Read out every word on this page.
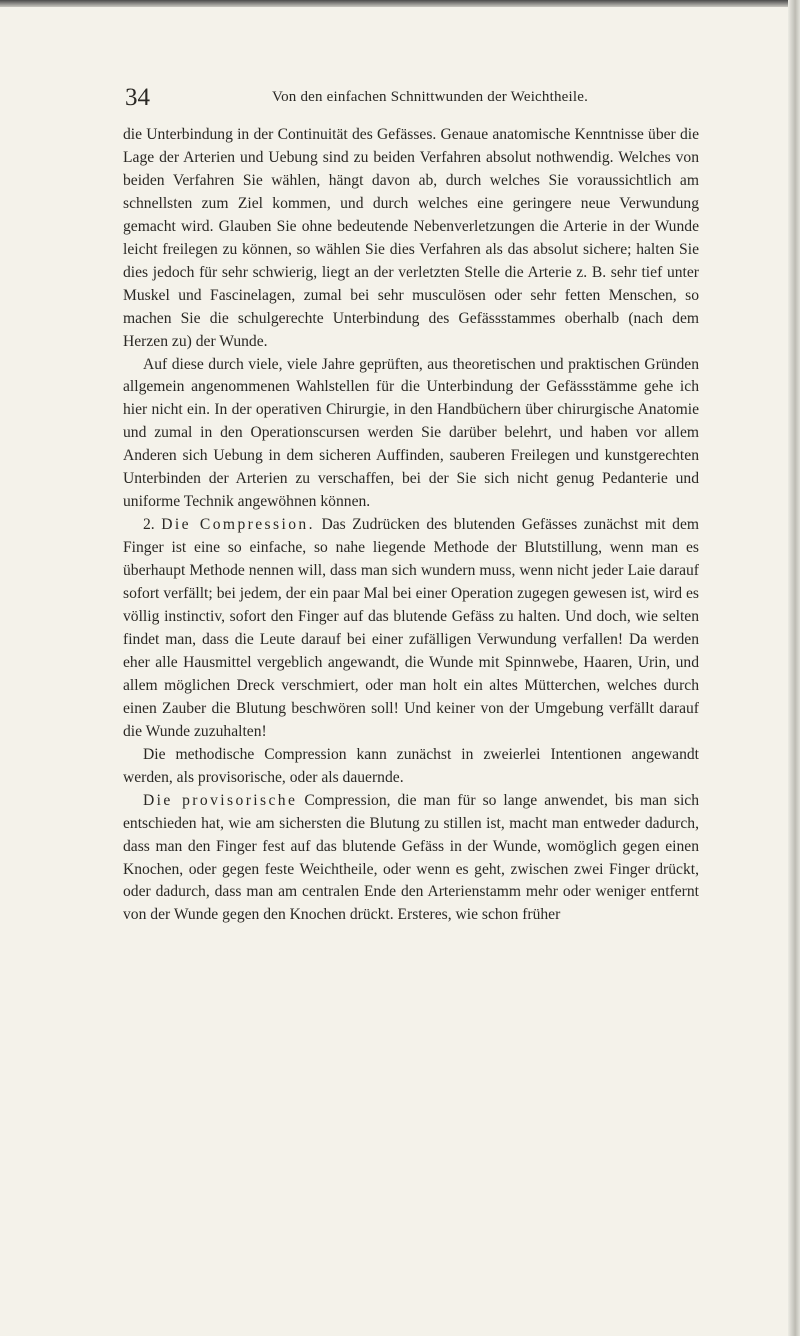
34	Von den einfachen Schnittwunden der Weichtheile.

die Unterbindung in der Continuität des Gefässes. Genaue anatomische Kenntnisse über die Lage der Arterien und Uebung sind zu beiden Verfahren absolut nothwendig. Welches von beiden Verfahren Sie wählen, hängt davon ab, durch welches Sie voraussichtlich am schnellsten zum Ziel kommen, und durch welches eine geringere neue Verwundung gemacht wird. Glauben Sie ohne bedeutende Nebenverletzungen die Arterie in der Wunde leicht freilegen zu können, so wählen Sie dies Verfahren als das absolut sichere; halten Sie dies jedoch für sehr schwierig, liegt an der verletzten Stelle die Arterie z. B. sehr tief unter Muskel und Fascinelagen, zumal bei sehr musculösen oder sehr fetten Menschen, so machen Sie die schulgerechte Unterbindung des Gefässstammes oberhalb (nach dem Herzen zu) der Wunde.

Auf diese durch viele, viele Jahre geprüften, aus theoretischen und praktischen Gründen allgemein angenommenen Wahlstellen für die Unterbindung der Gefässstämme gehe ich hier nicht ein. In der operativen Chirurgie, in den Handbüchern über chirurgische Anatomie und zumal in den Operationscursen werden Sie darüber belehrt, und haben vor allem Anderen sich Uebung in dem sicheren Auffinden, sauberen Freilegen und kunstgerechten Unterbinden der Arterien zu verschaffen, bei der Sie sich nicht genug Pedanterie und uniforme Technik angewöhnen können.

2. Die Compression. Das Zudrücken des blutenden Gefässes zunächst mit dem Finger ist eine so einfache, so nahe liegende Methode der Blutstillung, wenn man es überhaupt Methode nennen will, dass man sich wundern muss, wenn nicht jeder Laie darauf sofort verfällt; bei jedem, der ein paar Mal bei einer Operation zugegen gewesen ist, wird es völlig instinctiv, sofort den Finger auf das blutende Gefäss zu halten. Und doch, wie selten findet man, dass die Leute darauf bei einer zufälligen Verwundung verfallen! Da werden eher alle Hausmittel vergeblich angewandt, die Wunde mit Spinnwebe, Haaren, Urin, und allem möglichen Dreck verschmiert, oder man holt ein altes Mütterchen, welches durch einen Zauber die Blutung beschwören soll! Und keiner von der Umgebung verfällt darauf die Wunde zuzuhalten!

Die methodische Compression kann zunächst in zweierlei Intentionen angewandt werden, als provisorische, oder als dauernde.

Die provisorische Compression, die man für so lange anwendet, bis man sich entschieden hat, wie am sichersten die Blutung zu stillen ist, macht man entweder dadurch, dass man den Finger fest auf das blutende Gefäss in der Wunde, womöglich gegen einen Knochen, oder gegen feste Weichtheile, oder wenn es geht, zwischen zwei Finger drückt, oder dadurch, dass man am centralen Ende den Arterienstamm mehr oder weniger entfernt von der Wunde gegen den Knochen drückt. Ersteres, wie schon früher
